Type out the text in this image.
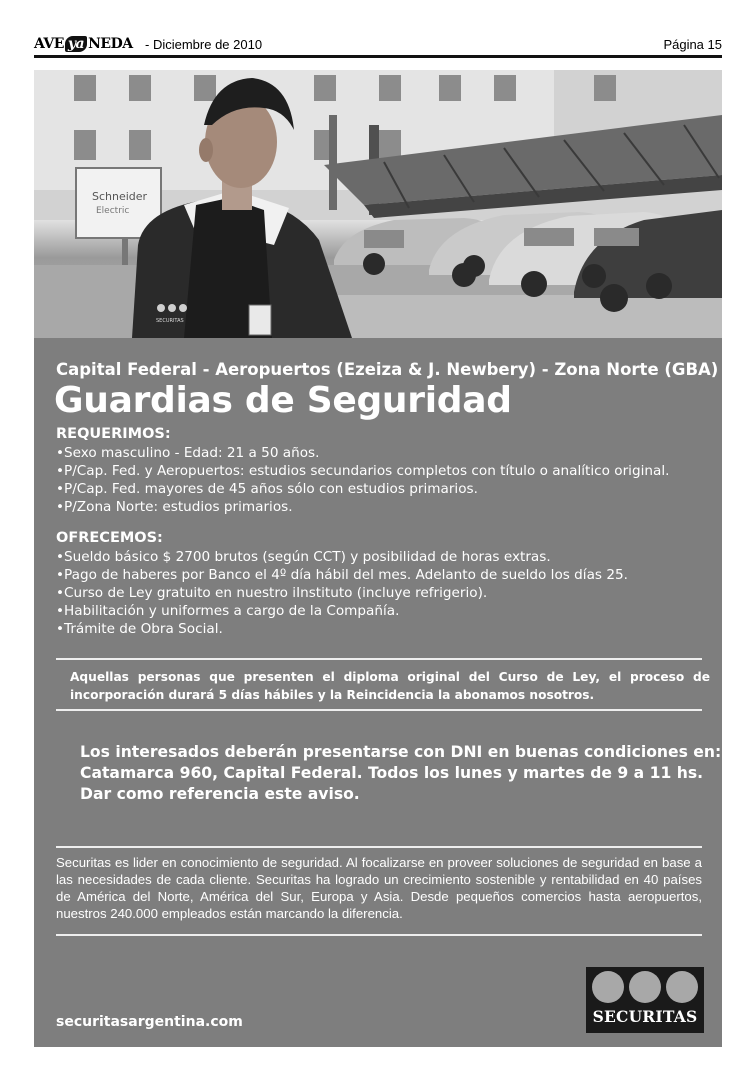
AVE ya NEDA - Diciembre de 2010	Página 15
Schneider
Electric
SECURITAS
Capital Federal - Aeropuertos (Ezeiza & J. Newbery) - Zona Norte (GBA)
Guardias de Seguridad
REQUERIMOS:
• Sexo masculino - Edad: 21 a 50 años.
• P/Cap. Fed. y Aeropuertos: estudios secundarios completos con título o analítico original.
• P/Cap. Fed. mayores de 45 años sólo con estudios primarios.
• P/Zona Norte: estudios primarios.
OFRECEMOS:
• Sueldo básico $ 2700 brutos (según CCT) y posibilidad de horas extras.
• Pago de haberes por Banco el 4º día hábil del mes. Adelanto de sueldo los días 25.
• Curso de Ley gratuito en nuestro iInstituto (incluye refrigerio).
• Habilitación y uniformes a cargo de la Compañía.
• Trámite de Obra Social.
Aquellas personas que presenten el diploma original del Curso de Ley, el proceso de incorporación durará 5 días hábiles y la Reincidencia la abonamos nosotros.
Los interesados deberán presentarse con DNI en buenas condiciones en:
Catamarca 960, Capital Federal. Todos los lunes y martes de 9 a 11 hs.
Dar como referencia este aviso.
Securitas es lider en conocimiento de seguridad. Al focalizarse en proveer soluciones de seguridad en base a las necesidades de cada cliente. Securitas ha logrado un crecimiento sostenible y rentabilidad en 40 países de América del Norte, América del Sur, Europa y Asia. Desde pequeños comercios hasta aeropuertos, nuestros 240.000 empleados están marcando la diferencia.
securitasargentina.com	SECURITAS
